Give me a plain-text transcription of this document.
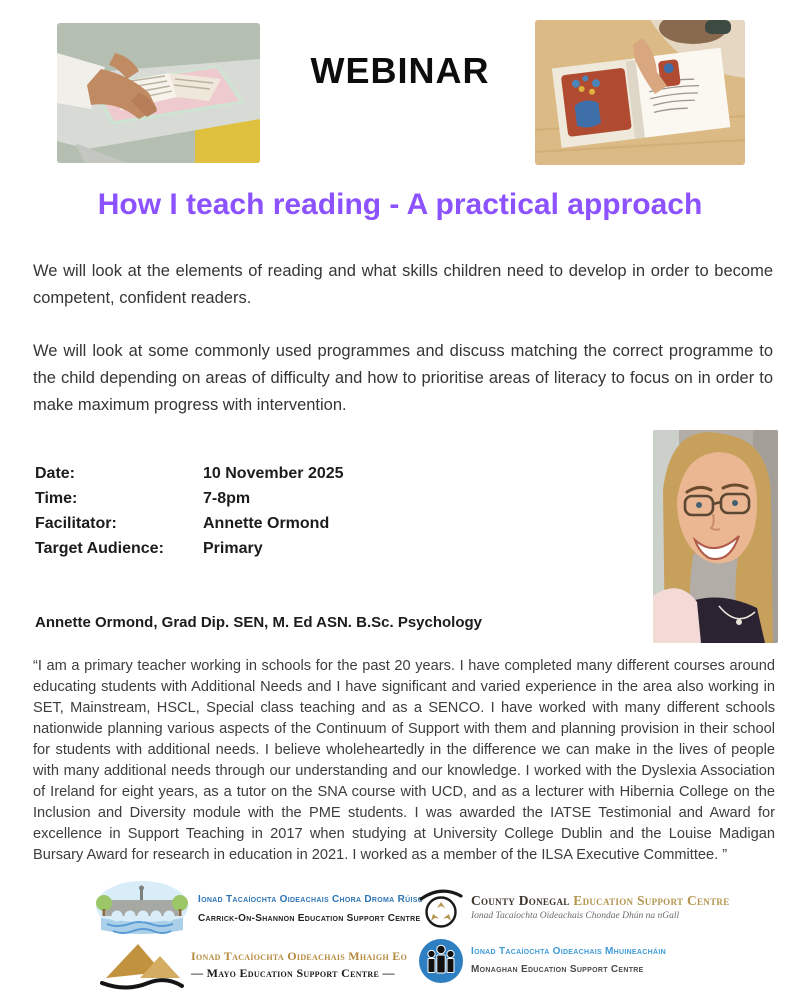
WEBINAR
How I teach reading - A practical approach

We will look at the elements of reading and what skills children need to develop in order to become competent, confident readers.

We will look at some commonly used programmes and discuss matching the correct programme to the child depending on areas of difficulty and how to prioritise areas of literacy to focus on in order to make maximum progress with intervention.

Date:	10 November 2025
Time:	7-8pm
Facilitator:	Annette Ormond
Target Audience:	Primary
Annette Ormond, Grad Dip. SEN, M. Ed ASN. B.Sc. Psychology
“I am a primary teacher working in schools for the past 20 years. I have completed many different courses around educating students with Additional Needs and I have significant and varied experience in the area also working in SET, Mainstream, HSCL, Special class teaching and as a SENCO. I have worked with many different schools nationwide planning various aspects of the Continuum of Support with them and planning provision in their school for students with additional needs. I believe wholeheartedly in the difference we can make in the lives of people with many additional needs through our understanding and our knowledge. I worked with the Dyslexia Association of Ireland for eight years, as a tutor on the SNA course with UCD, and as a lecturer with Hibernia College on the Inclusion and Diversity module with the PME students. I was awarded the IATSE Testimonial and Award for excellence in Support Teaching in 2017 when studying at University College Dublin and the Louise Madigan Bursary Award for research in education in 2021. I worked as a member of the ILSA Executive Committee. ”
Ionad Tacaíochta Oideachais Chora Droma Rúisc
Carrick-On-Shannon Education Support Centre
County Donegal Education Support Centre
Ionad Tacaíochta Oideachais Chondae Dhún na nGall
Ionad Tacaíochta Oideachais Mhaigh Eo
— Mayo Education Support Centre —
Ionad Tacaíochta Oideachais Mhuineacháin
Monaghan Education Support Centre
